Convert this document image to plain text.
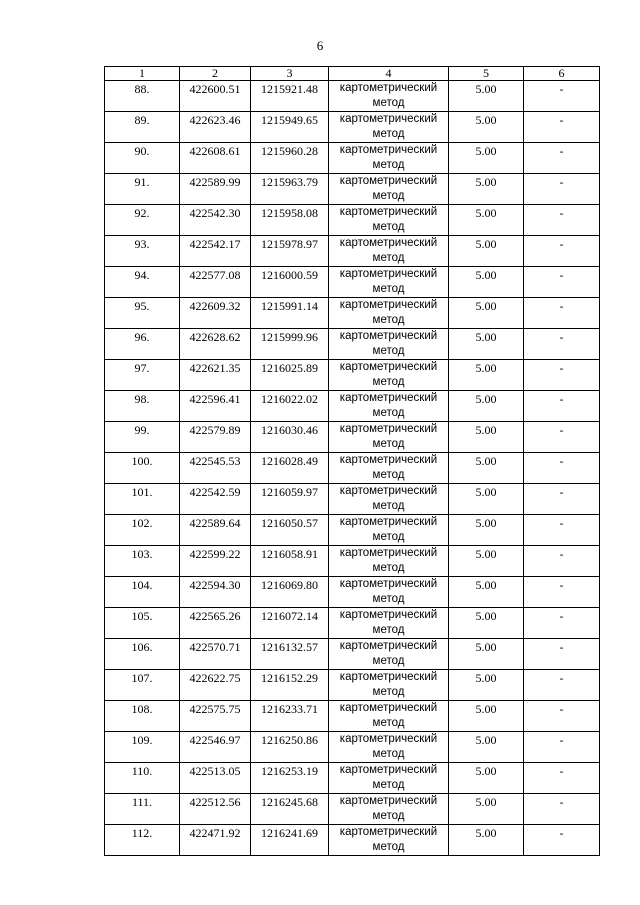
6
1	2	3	4	5	6
88.	422600.51	1215921.48	картометрический метод	5.00	-
89.	422623.46	1215949.65	картометрический метод	5.00	-
90.	422608.61	1215960.28	картометрический метод	5.00	-
91.	422589.99	1215963.79	картометрический метод	5.00	-
92.	422542.30	1215958.08	картометрический метод	5.00	-
93.	422542.17	1215978.97	картометрический метод	5.00	-
94.	422577.08	1216000.59	картометрический метод	5.00	-
95.	422609.32	1215991.14	картометрический метод	5.00	-
96.	422628.62	1215999.96	картометрический метод	5.00	-
97.	422621.35	1216025.89	картометрический метод	5.00	-
98.	422596.41	1216022.02	картометрический метод	5.00	-
99.	422579.89	1216030.46	картометрический метод	5.00	-
100.	422545.53	1216028.49	картометрический метод	5.00	-
101.	422542.59	1216059.97	картометрический метод	5.00	-
102.	422589.64	1216050.57	картометрический метод	5.00	-
103.	422599.22	1216058.91	картометрический метод	5.00	-
104.	422594.30	1216069.80	картометрический метод	5.00	-
105.	422565.26	1216072.14	картометрический метод	5.00	-
106.	422570.71	1216132.57	картометрический метод	5.00	-
107.	422622.75	1216152.29	картометрический метод	5.00	-
108.	422575.75	1216233.71	картометрический метод	5.00	-
109.	422546.97	1216250.86	картометрический метод	5.00	-
110.	422513.05	1216253.19	картометрический метод	5.00	-
111.	422512.56	1216245.68	картометрический метод	5.00	-
112.	422471.92	1216241.69	картометрический метод	5.00	-
